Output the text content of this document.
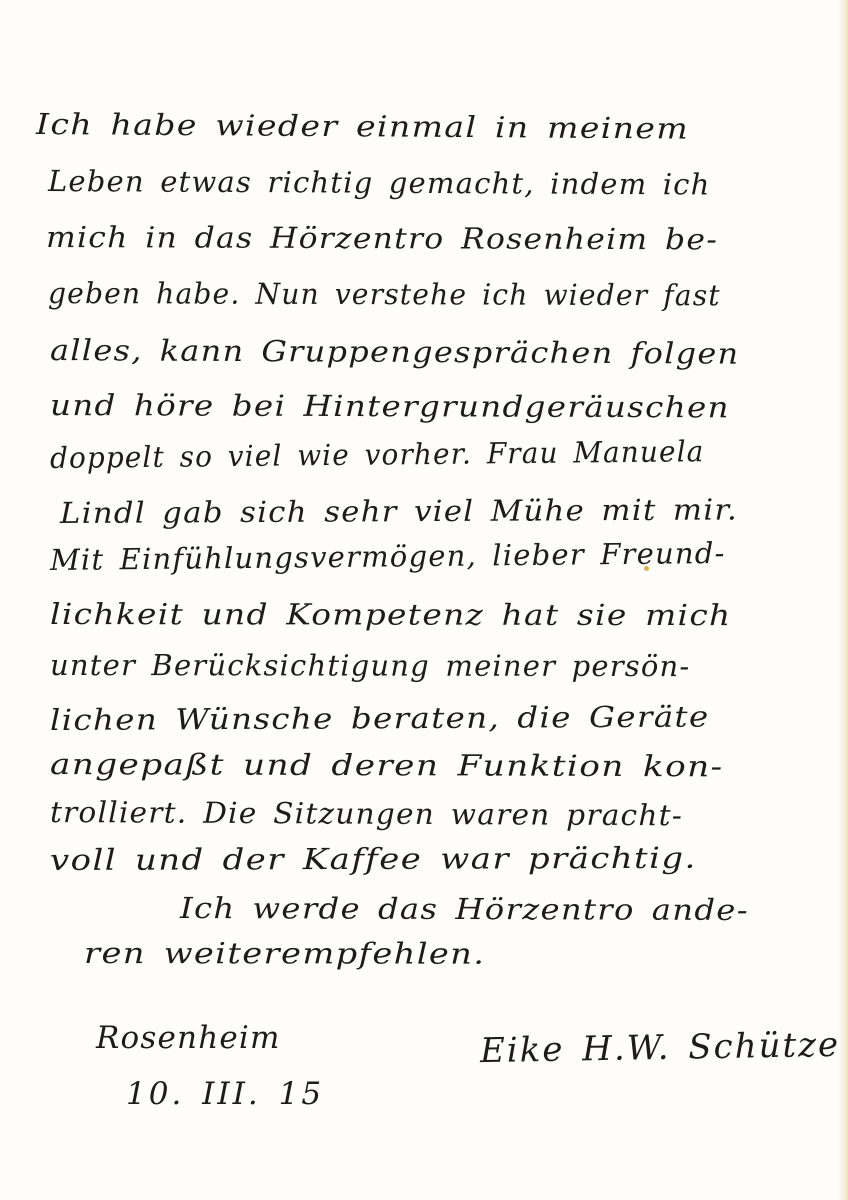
Ich habe wieder einmal in meinem
Leben etwas richtig gemacht, indem ich
mich in das Hörzentro Rosenheim be-
geben habe. Nun verstehe ich wieder fast
alles, kann Gruppengesprächen folgen
und höre bei Hintergrundgeräuschen
doppelt so viel wie vorher. Frau Manuela
Lindl gab sich sehr viel Mühe mit mir.
Mit Einfühlungsvermögen, lieber Freund-
lichkeit und Kompetenz hat sie mich
unter Berücksichtigung meiner persön-
lichen Wünsche beraten, die Geräte
angepaßt und deren Funktion kon-
trolliert. Die Sitzungen waren pracht-
voll und der Kaffee war prächtig.
Ich werde das Hörzentro ande-
ren weiterempfehlen.
Rosenheim
10. III. 15
Eike H.W. Schütze
